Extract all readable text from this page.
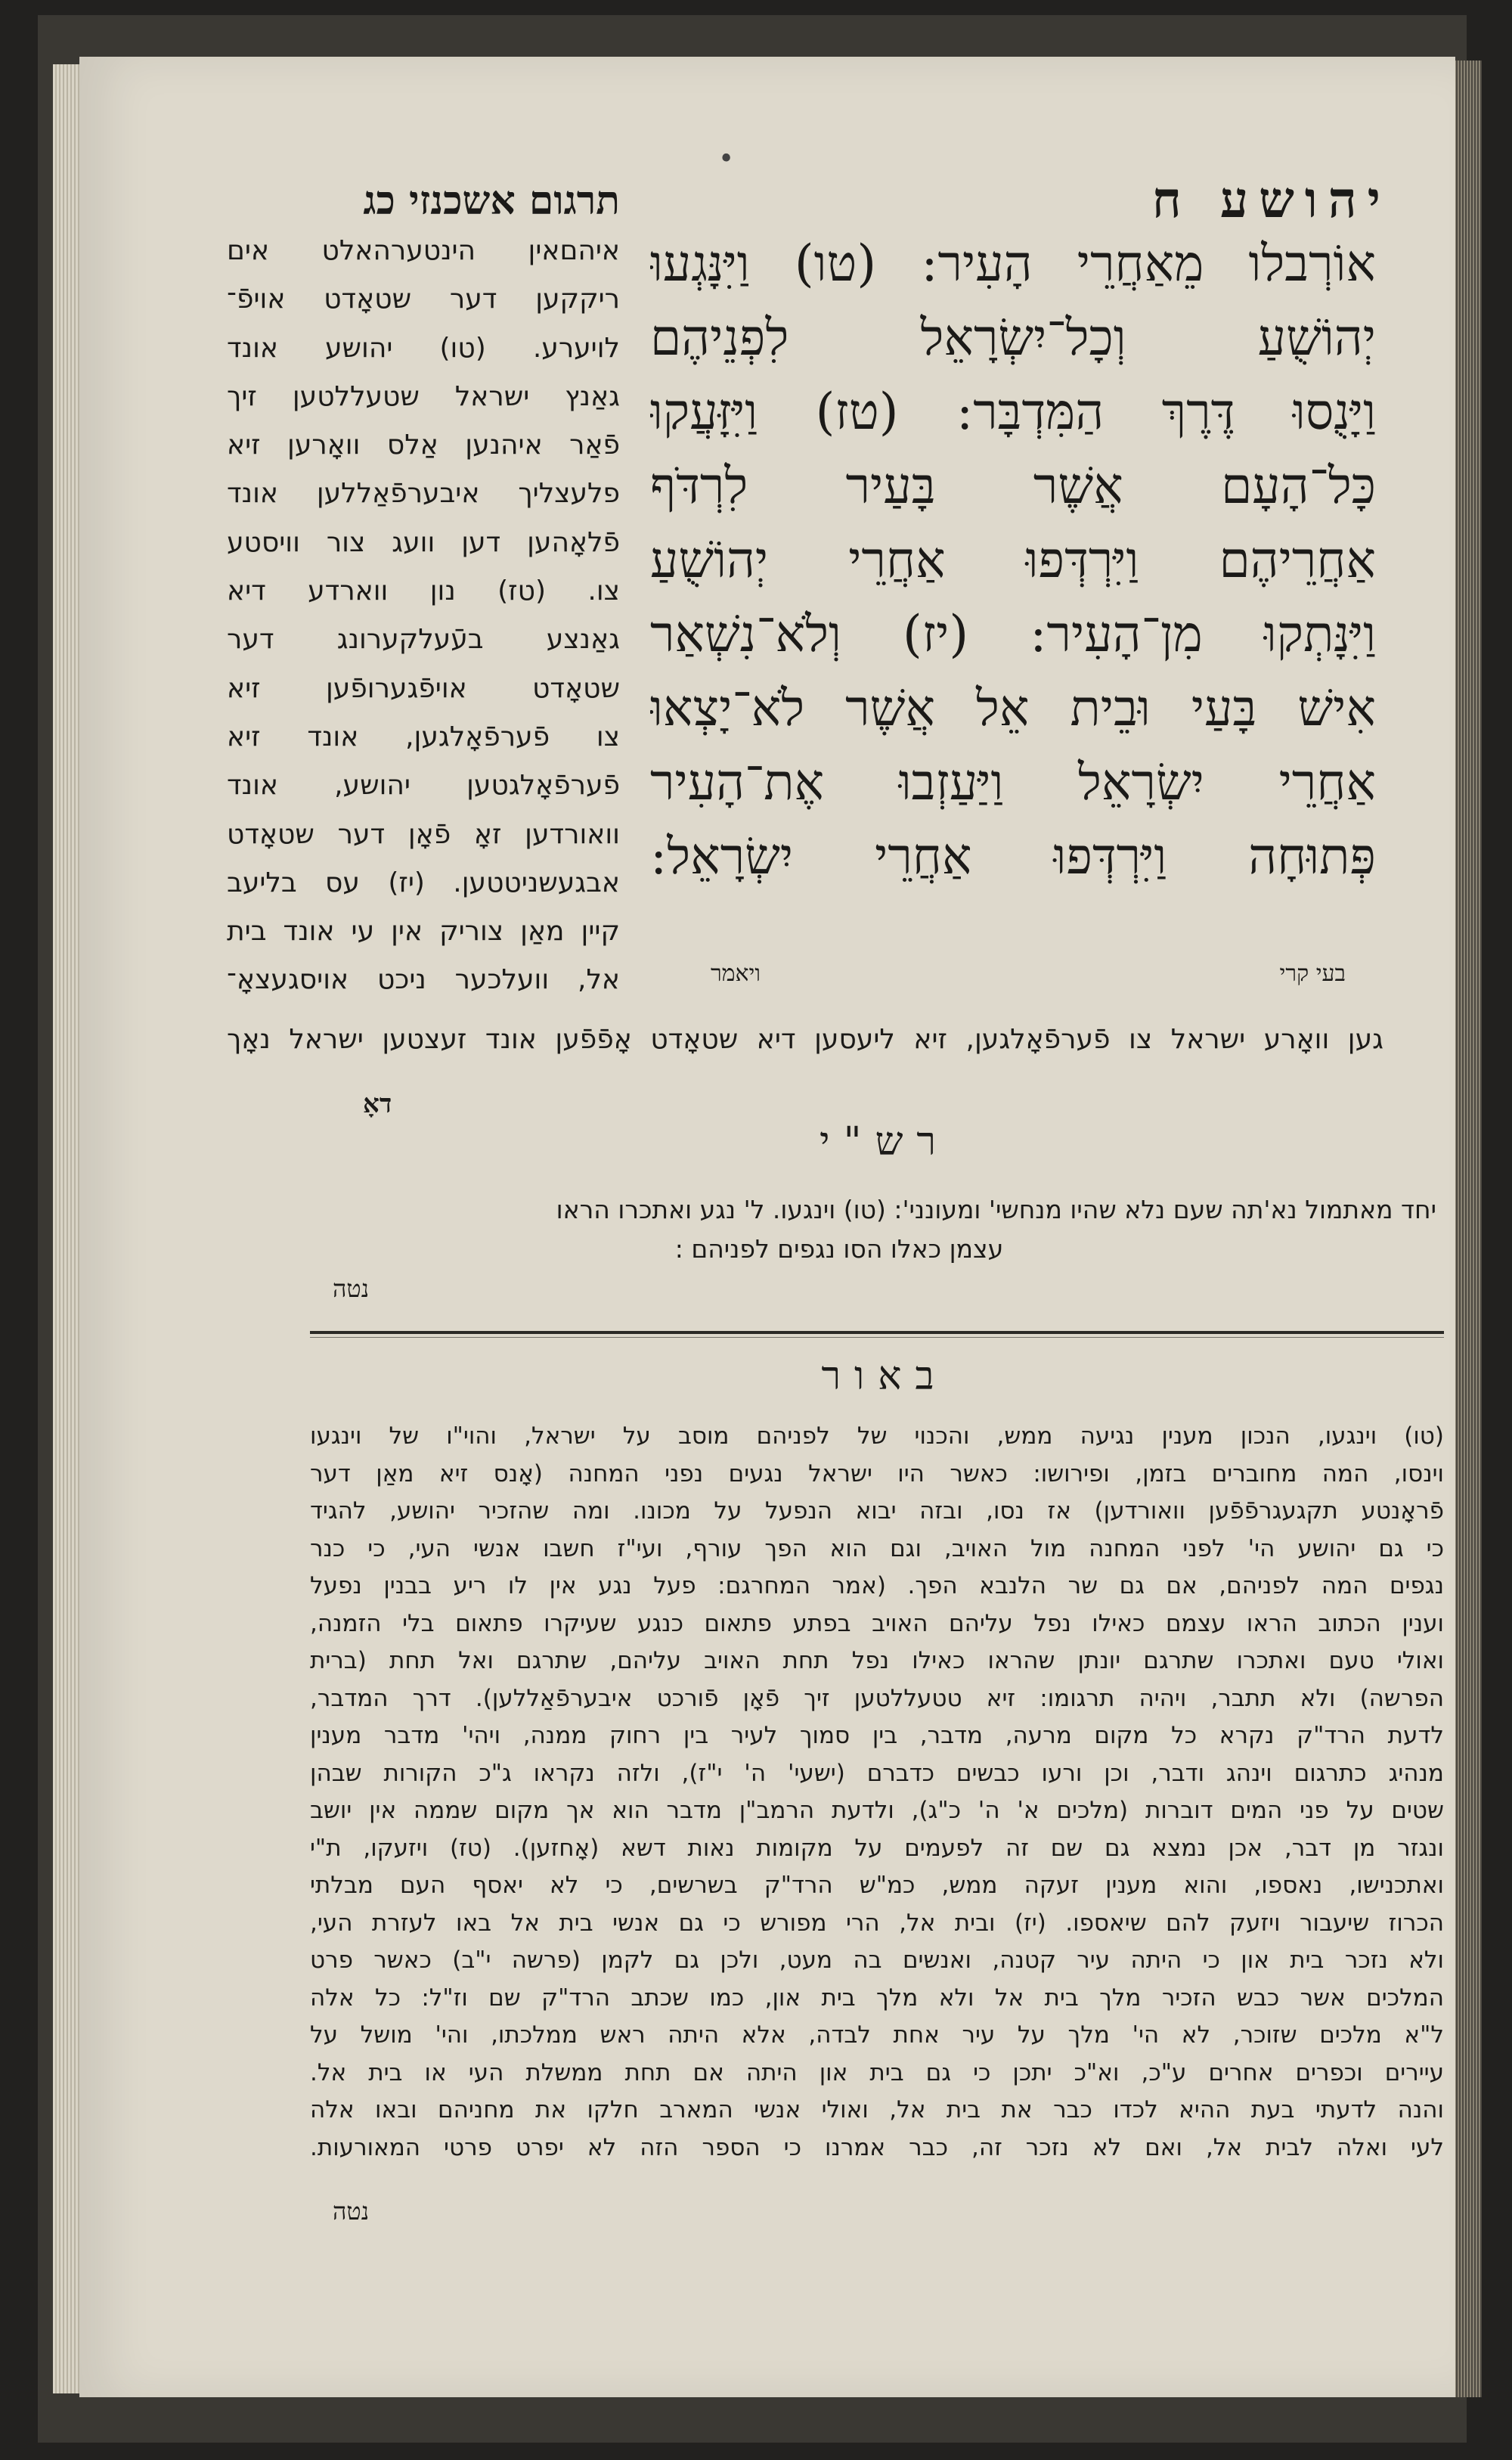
•
יהושע ח
תרגום אשכנזי כג
אוֹרְבלו מֵאַחֲרֵי הָעִיר: (טו) וַיִּנָּגְעוּ
יְהוֹשֻׁעַ וְכָל־יִשְׂרָאֵל לִפְנֵיהֶם
וַיָּנֻסוּ דֶּרֶךְ הַמִּדְבָּר: (טז) וַיִּזָּעֲקוּ
כָּל־הָעָם אֲשֶׁר בָּעַיר לִרְדֹּף
אַחֲרֵיהֶם וַיִּרְדְּפוּ אַחֲרֵי יְהוֹשֻׁעַ
וַיִּנָּתְקוּ מִן־הָעִיר: (יז) וְלֹא־נִשְׁאַר
אִישׁ בָּעַי וּבֵית אֵל אֲשֶׁר לֹא־יָצְאוּ
אַחֲרֵי יִשְׂרָאֵל וַיַּעַזְבוּ אֶת־הָעִיר
פְּתוּחָה וַיִּרְדְּפוּ אַחֲרֵי יִשְׂרָאֵל:
בעי קרי
ויאמר
איהםאין הינטערהאלט אים
ריקקען דער שטאָדט אויפֿ־
לויערע. (טו) יהושע אונד
גאַנץ ישראל שטעללטען זיך
פֿאַר איהנען אַלס וואָרען זיא
פלעצליך איבערפֿאַללען אונד
פֿלאָהען דען וועג צור וויסטע
צו. (טז) נון ווארדע דיא
גאַנצע בעֿעלקערונג דער
שטאָדט אויפֿגערופֿען זיא
צו פֿערפֿאָלגען, אונד זיא
פֿערפֿאָלגטען יהושע, אונד
וואורדען זאָ פֿאָן דער שטאָדט
אבגעשניטטען. (יז) עס בליעב
קיין מאַן צוריק אין עי אונד בית
אל, וועלכער ניכט אויסגעצאָ־
גען וואָרע ישראל צו פֿערפֿאָלגען, זיא ליעסען דיא שטאָדט אָפֿפֿען אונד זעצטען ישראל נאָך
דאָ
רש"י
יחד מאתמול נא'תה שעם נלא שהיו מנחשי' ומעונני': (טו) וינגעו. ל' נגע ואתכרו הראו
עצמן כאלו הסו נגפים לפניהם :
נטה
באור
(טו) וינגעו, הנכון מענין נגיעה ממש, והכנוי של לפניהם מוסב על ישראל, והוי"ו של וינגעו
וינסו, המה מחוברים בזמן, ופירושו: כאשר היו ישראל נגעים נפני המחנה (אָנס זיא מאַן דער
פֿראָנטע תקגעגרפֿפֿען וואורדען) אז נסו, ובזה יבוא הנפעל על מכונו. ומה שהזכיר יהושע, להגיד
כי גם יהושע הי' לפני המחנה מול האויב, וגם הוא הפך עורף, ועי"ז חשבו אנשי העי, כי כנר
נגפים המה לפניהם, אם גם שר הלנבא הפך. (אמר המחרגם: פעל נגע אין לו ריע בבנין נפעל
וענין הכתוב הראו עצמם כאילו נפל עליהם האויב בפתע פתאום כנגע שעיקרו פתאום בלי הזמנה,
ואולי טעם ואתכרו שתרגם יונתן שהראו כאילו נפל תחת האויב עליהם, שתרגם ואל תחת (ברית
הפרשה) ולא תתבר, ויהיה תרגומו: זיא טטעללטען זיך פֿאָן פֿורכט איבערפֿאַללען). דרך המדבר,
לדעת הרד"ק נקרא כל מקום מרעה, מדבר, בין סמוך לעיר בין רחוק ממנה, ויהי' מדבר מענין
מנהיג כתרגום וינהג ודבר, וכן ורעו כבשים כדברם (ישעי' ה' י"ז), ולזה נקראו ג"כ הקורות שבהן
שטים על פני המים דוברות (מלכים א' ה' כ"ג), ולדעת הרמב"ן מדבר הוא אך מקום שממה אין יושב
ונגזר מן דבר, אכן נמצא גם שם זה לפעמים על מקומות נאות דשא (אָחזען). (טז) ויזעקו, ת"י
ואתכנישו, נאספו, והוא מענין זעקה ממש, כמ"ש הרד"ק בשרשים, כי לא יאסף העם מבלתי
הכרוז שיעבור ויזעק להם שיאספו. (יז) ובית אל, הרי מפורש כי גם אנשי בית אל באו לעזרת העי,
ולא נזכר בית און כי היתה עיר קטנה, ואנשים בה מעט, ולכן גם לקמן (פרשה י"ב) כאשר פרט
המלכים אשר כבש הזכיר מלך בית אל ולא מלך בית און, כמו שכתב הרד"ק שם וז"ל: כל אלה
ל"א מלכים שזוכר, לא הי' מלך על עיר אחת לבדה, אלא היתה ראש ממלכתו, והי' מושל על
עיירים וכפרים אחרים ע"כ, וא"כ יתכן כי גם בית און היתה אם תחת ממשלת העי או בית אל.
והנה לדעתי בעת ההיא לכדו כבר את בית אל, ואולי אנשי המארב חלקו את מחניהם ובאו אלה
לעי ואלה לבית אל, ואם לא נזכר זה, כבר אמרנו כי הספר הזה לא יפרט פרטי המאורעות.
נטה
